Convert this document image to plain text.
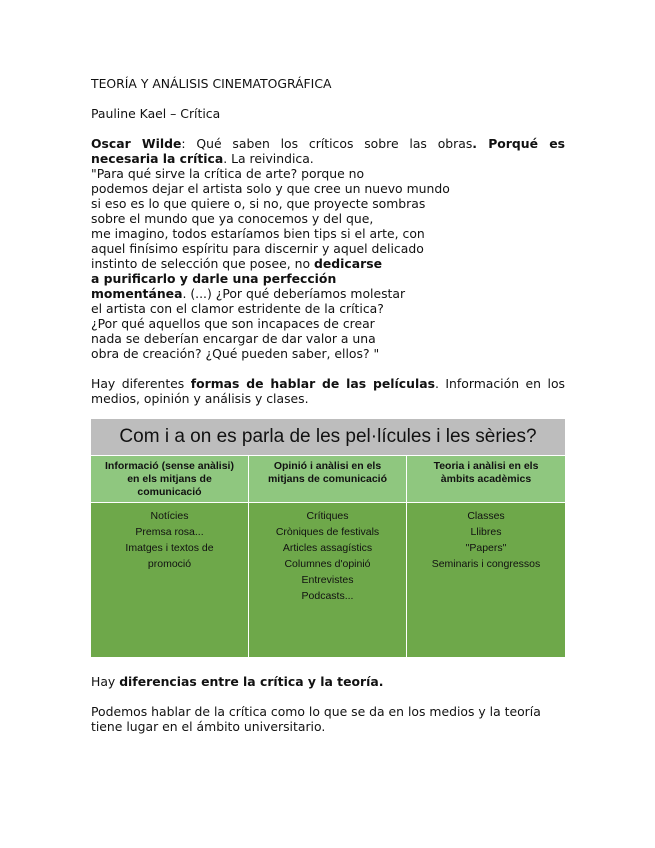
TEORÍA Y ANÁLISIS CINEMATOGRÁFICA
Pauline Kael – Crítica
Oscar Wilde: Qué saben los críticos sobre las obras. Porqué es
necesaria la crítica. La reivindica.
"Para qué sirve la crítica de arte? porque no
podemos dejar el artista solo y que cree un nuevo mundo
si eso es lo que quiere o, si no, que proyecte sombras
sobre el mundo que ya conocemos y del que,
me imagino, todos estaríamos bien tips si el arte, con
aquel finísimo espíritu para discernir y aquel delicado
instinto de selección que posee, no dedicarse
a purificarlo y darle una perfección
momentánea. (...) ¿Por qué deberíamos molestar
el artista con el clamor estridente de la crítica?
¿Por qué aquellos que son incapaces de crear
nada se deberían encargar de dar valor a una
obra de creación? ¿Qué pueden saber, ellos? "
Hay diferentes formas de hablar de las películas. Información en los
medios, opinión y análisis y clases.
Hay diferencias entre la crítica y la teoría.
Podemos hablar de la crítica como lo que se da en los medios y la teoría
tiene lugar en el ámbito universitario.
Com i a on es parla de les pel·lícules i les sèries?
Informació (sense anàlisi)
en els mitjans de
comunicació
Opinió i anàlisi en els
mitjans de comunicació
Teoria i anàlisi en els
àmbits acadèmics
Notícies
Premsa rosa...
Imatges i textos de
promoció
Crítiques
Cròniques de festivals
Articles assagístics
Columnes d'opinió
Entrevistes
Podcasts...
Classes
Llibres
"Papers"
Seminaris i congressos
